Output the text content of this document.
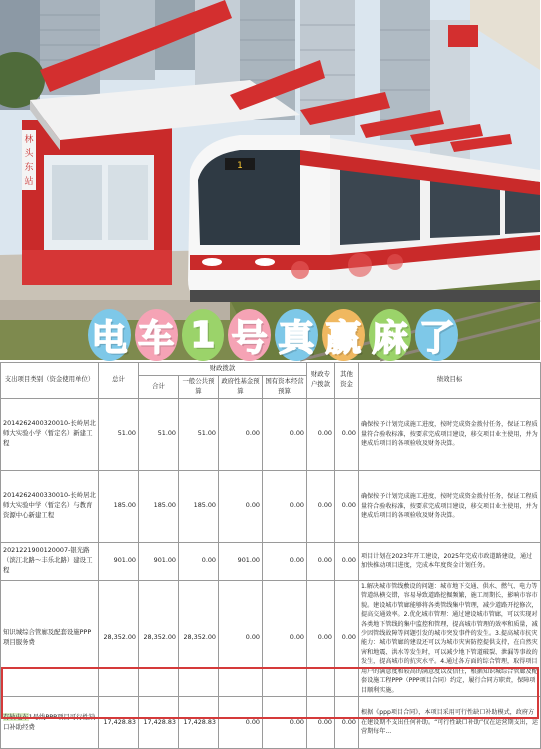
林
头
东
站
1
电 车 1 号 真 赢 麻 了
支出项目类别（资金使用单位）	总计	财政拨款				财政专户拨款	其他资金	绩效目标
		合计	一般公共预算	政府性基金预算	国有资本经营预算			
2014262400320010-长岭居北师大实验小学（暂定名）新建工程	51.00	51.00	51.00	0.00	0.00	0.00	0.00	确保按予计划完成施工进度，按时完成资金拨付任务，保证工程质量符合验收标准，按要求完成项目建设，移交项目业主使用，并为建成后项目的各项验收及财务决算。
2014262400330010-长岭居北师大实验中学（暂定名）与教育资源中心新建工程	185.00	185.00	185.00	0.00	0.00	0.00	0.00	确保按予计划完成施工进度，按时完成资金拨付任务，保证工程质量符合验收标准，按要求完成项目建设，移交项目业主使用，并为建成后项目的各项验收及财务决算。
2021221900120007-银光路（滨江北路～丰乐北路）建设工程	901.00	901.00	0.00	901.00	0.00	0.00	0.00	项目计划在2023年开工建设，2025年完成市政道路建设，通过加快推动项目进度，完成本年度资金计划任务。
知识城综合管廊及配套设施PPP项目服务费	28,352.00	28,352.00	28,352.00	0.00	0.00	0.00	0.00	1.解决城市管线敷设的问题：城市地下交通、供水、燃气、电力等管道纵横交错，容易导致道路挖掘频繁，施工周期长，影响市容市貌。建设城市管廊能够将各类管线集中管理，减少道路开挖修次，提高交通效率。2.优化城市管理：通过建设城市管廊，可以实现对各类地下管线的集中监控和管理，提高城市管理的效率和质量，减少因管线故障等问题引发的城市突发事件的发生。3.提高城市抗灾能力：城市管廊的建设还可以为城市灾害防控提供支持，在自然灾害和地震、洪水等发生时，可以减少地下管道破裂、泄漏等事故的发生，提高城市的抗灾水平。4.通过各方面的综合管理，取得项目用户的满意度和较高的满意度以及信任，根据知识城综合管廊及配套设施工程PPP（PPP项目合同）约定，履行合同方职责，保障项目顺利实施。
有轨电车1号线PPP项目可行性缺口补助经费	17,428.83	17,428.83	17,428.83	0.00	0.00	0.00	0.00	根据《ppp项目合同》，本项目采用可行性缺口补助模式，政府方在建设期不支出任何补助。“可行性缺口补助”仅在运营期支出，运营期每年...
